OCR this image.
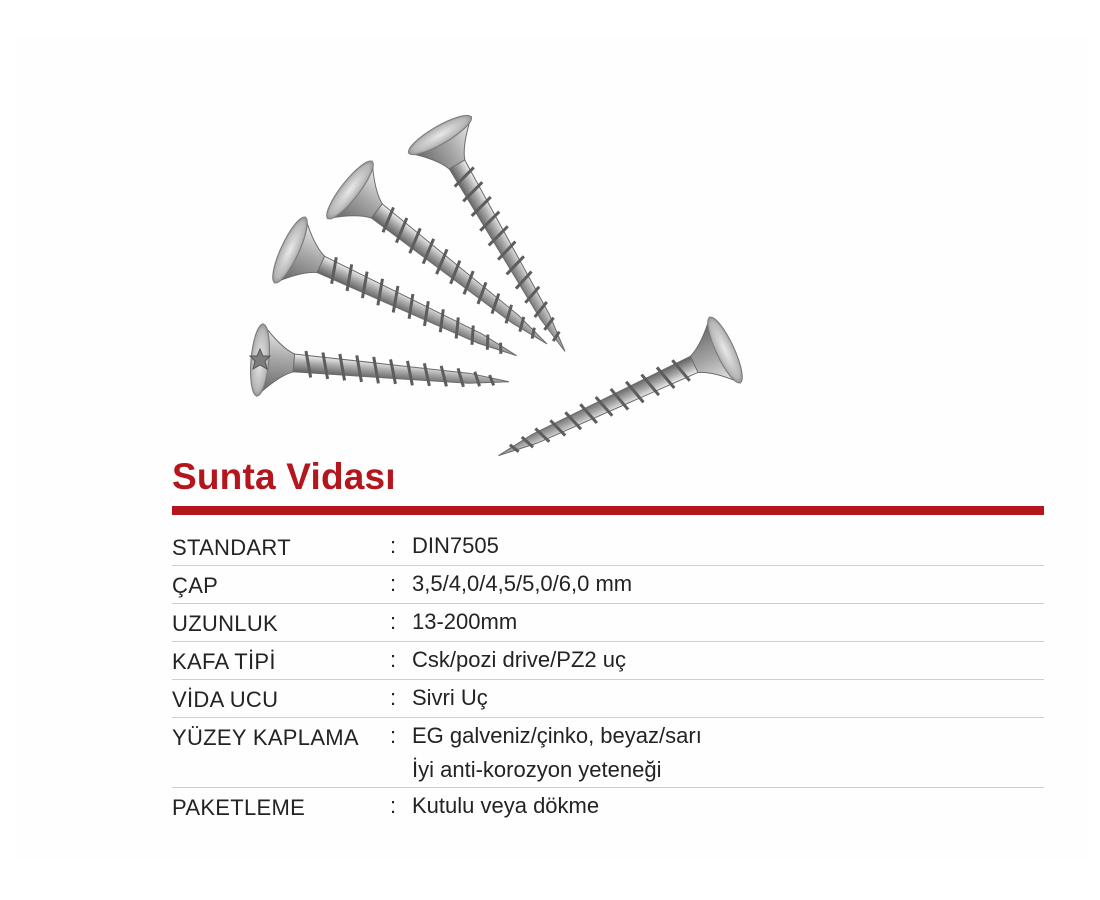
Sunta Vidası
STANDART	: DIN7505
ÇAP	: 3,5/4,0/4,5/5,0/6,0 mm
UZUNLUK	: 13-200mm
KAFA TİPİ	: Csk/pozi drive/PZ2 uç
VİDA UCU	: Sivri Uç
YÜZEY KAPLAMA	: EG galveniz/çinko, beyaz/sarı
İyi anti-korozyon yeteneği
PAKETLEME	: Kutulu veya dökme
